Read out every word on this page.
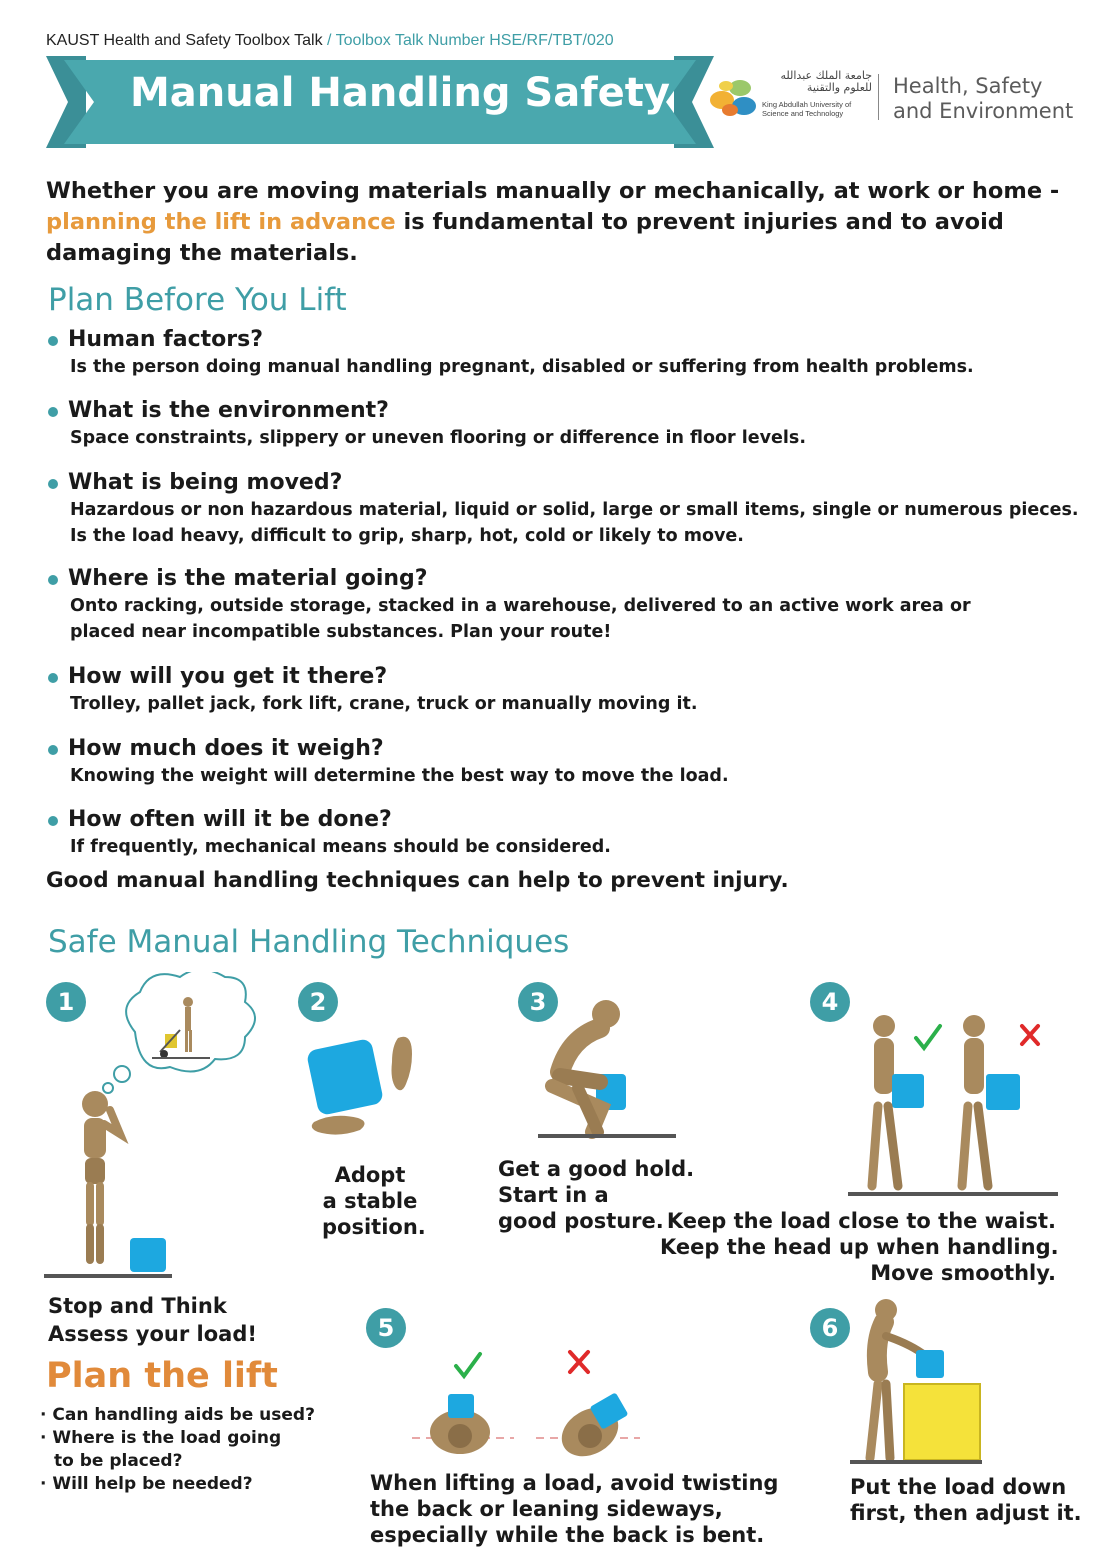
KAUST Health and Safety Toolbox Talk / Toolbox Talk Number HSE/RF/TBT/020
Manual Handling Safety	جامعة الملك عبدالله
للعلوم والتقنية
King Abdullah University of
Science and Technology
Health, Safety
and Environment
Whether you are moving materials manually or mechanically, at work or home - planning the lift in advance is fundamental to prevent injuries and to avoid damaging the materials.
Plan Before You Lift
Human factors?
Is the person doing manual handling pregnant, disabled or suffering from health problems.
What is the environment?
Space constraints, slippery or uneven flooring or difference in floor levels.
What is being moved?
Hazardous or non hazardous material, liquid or solid, large or small items, single or numerous pieces.
Is the load heavy, difficult to grip, sharp, hot, cold or likely to move.
Where is the material going?
Onto racking, outside storage, stacked in a warehouse, delivered to an active work area or
placed near incompatible substances. Plan your route!
How will you get it there?
Trolley, pallet jack, fork lift, crane, truck or manually moving it.
How much does it weigh?
Knowing the weight will determine the best way to move the load.
How often will it be done?
If frequently, mechanical means should be considered.
Good manual handling techniques can help to prevent injury.
Safe Manual Handling Techniques
1
Stop and Think
Assess your load!
2
Adopt
a stable
position.
3
Get a good hold.
Start in a
good posture.
4
Keep the load close to the waist.
Keep the head up when handling.
Move smoothly.
Plan the lift
· Can handling aids be used?
· Where is the load going
to be placed?
· Will help be needed?
5
When lifting a load, avoid twisting
the back or leaning sideways,
especially while the back is bent.
6
Put the load down
first, then adjust it.
